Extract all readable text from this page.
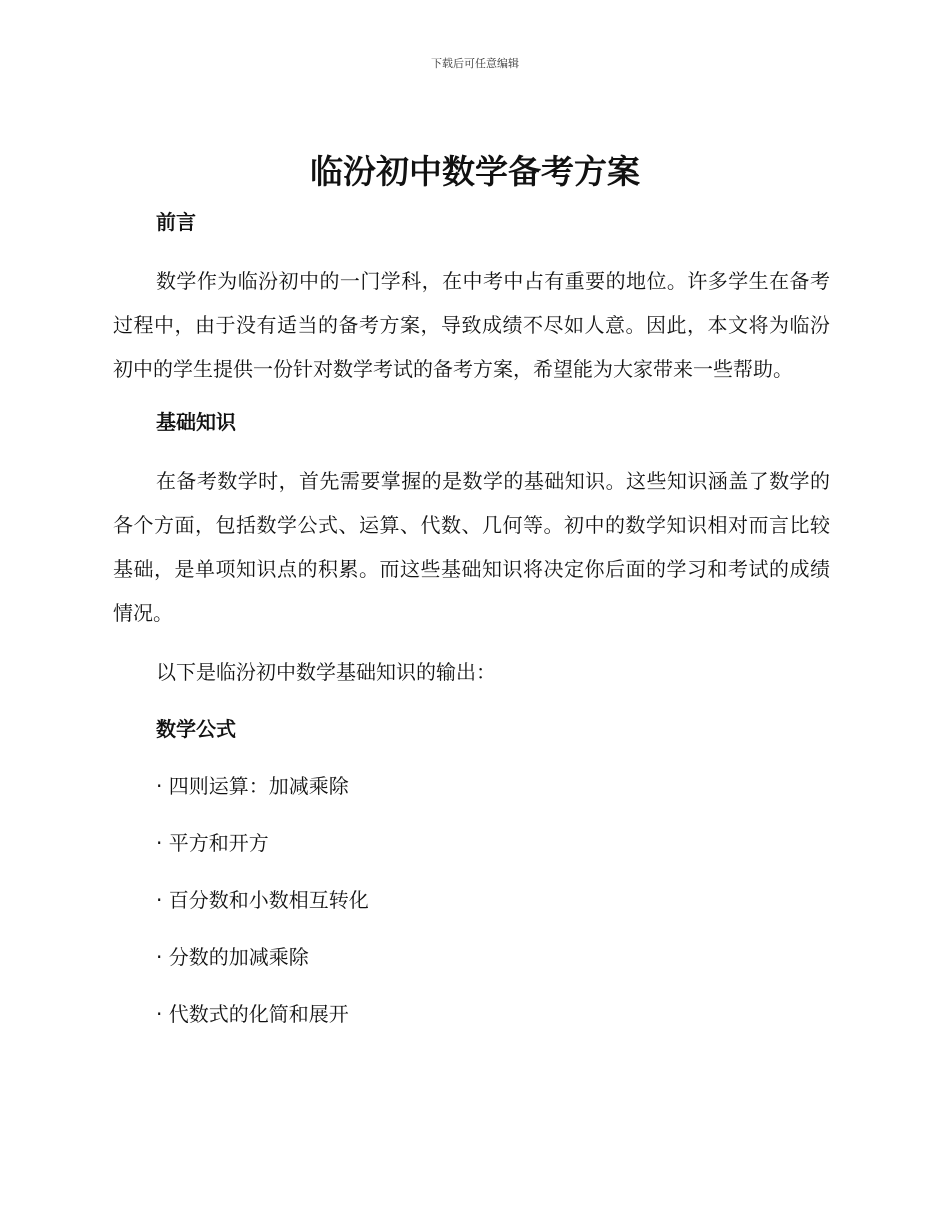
下载后可任意编辑
临汾初中数学备考方案

前言

数学作为临汾初中的一门学科，在中考中占有重要的地位。许多学生在备考过程中，由于没有适当的备考方案，导致成绩不尽如人意。因此，本文将为临汾初中的学生提供一份针对数学考试的备考方案，希望能为大家带来一些帮助。

基础知识

在备考数学时，首先需要掌握的是数学的基础知识。这些知识涵盖了数学的各个方面，包括数学公式、运算、代数、几何等。初中的数学知识相对而言比较基础，是单项知识点的积累。而这些基础知识将决定你后面的学习和考试的成绩情况。

以下是临汾初中数学基础知识的输出：

数学公式

· 四则运算：加减乘除

· 平方和开方

· 百分数和小数相互转化

· 分数的加减乘除

· 代数式的化简和展开
